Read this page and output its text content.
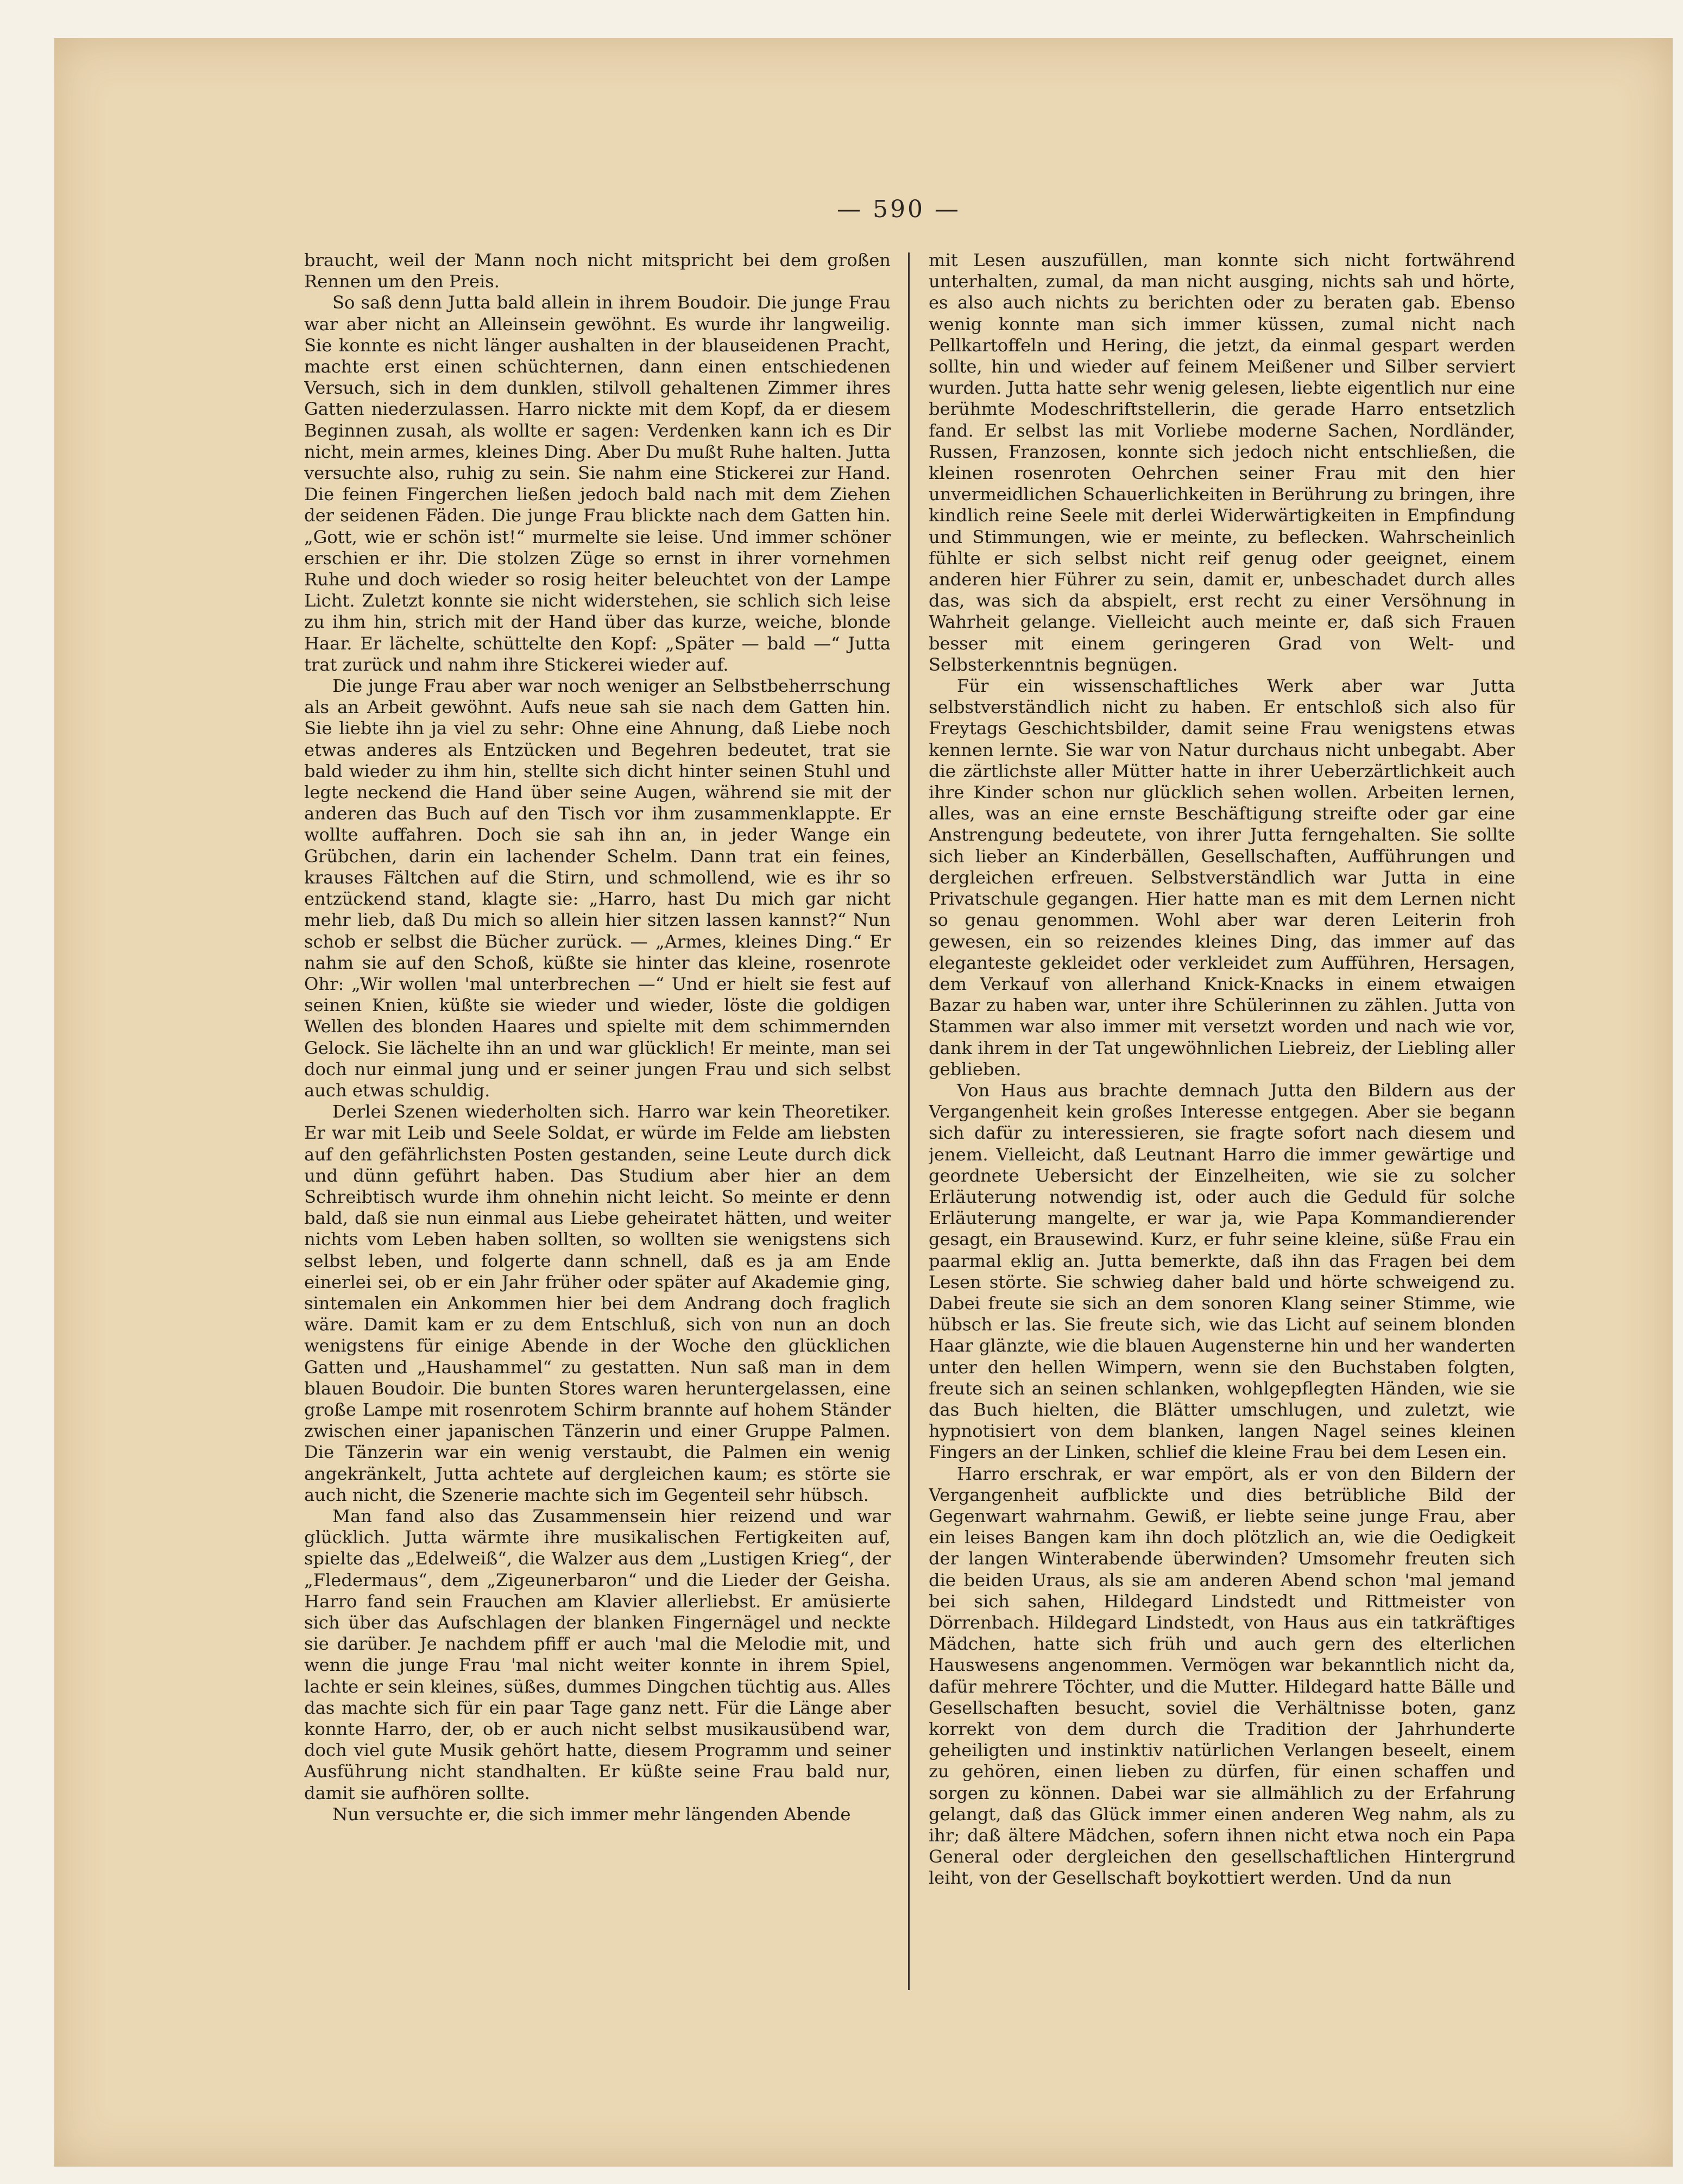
— 590 —

braucht, weil der Mann noch nicht mitspricht bei dem großen Rennen um den Preis.

So saß denn Jutta bald allein in ihrem Boudoir. Die junge Frau war aber nicht an Alleinsein gewöhnt. Es wurde ihr langweilig. Sie konnte es nicht länger aushalten in der blauseidenen Pracht, machte erst einen schüchternen, dann einen entschiedenen Versuch, sich in dem dunklen, stilvoll gehaltenen Zimmer ihres Gatten niederzulassen. Harro nickte mit dem Kopf, da er diesem Beginnen zusah, als wollte er sagen: Verdenken kann ich es Dir nicht, mein armes, kleines Ding. Aber Du mußt Ruhe halten. Jutta versuchte also, ruhig zu sein. Sie nahm eine Stickerei zur Hand. Die feinen Fingerchen ließen jedoch bald nach mit dem Ziehen der seidenen Fäden. Die junge Frau blickte nach dem Gatten hin. „Gott, wie er schön ist!“ murmelte sie leise. Und immer schöner erschien er ihr. Die stolzen Züge so ernst in ihrer vornehmen Ruhe und doch wieder so rosig heiter beleuchtet von der Lampe Licht. Zuletzt konnte sie nicht widerstehen, sie schlich sich leise zu ihm hin, strich mit der Hand über das kurze, weiche, blonde Haar. Er lächelte, schüttelte den Kopf: „Später — bald —“ Jutta trat zurück und nahm ihre Stickerei wieder auf.

Die junge Frau aber war noch weniger an Selbstbeherrschung als an Arbeit gewöhnt. Aufs neue sah sie nach dem Gatten hin. Sie liebte ihn ja viel zu sehr: Ohne eine Ahnung, daß Liebe noch etwas anderes als Entzücken und Begehren bedeutet, trat sie bald wieder zu ihm hin, stellte sich dicht hinter seinen Stuhl und legte neckend die Hand über seine Augen, während sie mit der anderen das Buch auf den Tisch vor ihm zusammenklappte. Er wollte auffahren. Doch sie sah ihn an, in jeder Wange ein Grübchen, darin ein lachender Schelm. Dann trat ein feines, krauses Fältchen auf die Stirn, und schmollend, wie es ihr so entzückend stand, klagte sie: „Harro, hast Du mich gar nicht mehr lieb, daß Du mich so allein hier sitzen lassen kannst?“ Nun schob er selbst die Bücher zurück. — „Armes, kleines Ding.“ Er nahm sie auf den Schoß, küßte sie hinter das kleine, rosenrote Ohr: „Wir wollen 'mal unterbrechen —“ Und er hielt sie fest auf seinen Knien, küßte sie wieder und wieder, löste die goldigen Wellen des blonden Haares und spielte mit dem schimmernden Gelock. Sie lächelte ihn an und war glücklich! Er meinte, man sei doch nur einmal jung und er seiner jungen Frau und sich selbst auch etwas schuldig.

Derlei Szenen wiederholten sich. Harro war kein Theoretiker. Er war mit Leib und Seele Soldat, er würde im Felde am liebsten auf den gefährlichsten Posten gestanden, seine Leute durch dick und dünn geführt haben. Das Studium aber hier an dem Schreibtisch wurde ihm ohnehin nicht leicht. So meinte er denn bald, daß sie nun einmal aus Liebe geheiratet hätten, und weiter nichts vom Leben haben sollten, so wollten sie wenigstens sich selbst leben, und folgerte dann schnell, daß es ja am Ende einerlei sei, ob er ein Jahr früher oder später auf Akademie ging, sintemalen ein Ankommen hier bei dem Andrang doch fraglich wäre. Damit kam er zu dem Entschluß, sich von nun an doch wenigstens für einige Abende in der Woche den glücklichen Gatten und „Haushammel“ zu gestatten. Nun saß man in dem blauen Boudoir. Die bunten Stores waren heruntergelassen, eine große Lampe mit rosenrotem Schirm brannte auf hohem Ständer zwischen einer japanischen Tänzerin und einer Gruppe Palmen. Die Tänzerin war ein wenig verstaubt, die Palmen ein wenig angekränkelt, Jutta achtete auf dergleichen kaum; es störte sie auch nicht, die Szenerie machte sich im Gegenteil sehr hübsch.

Man fand also das Zusammensein hier reizend und war glücklich. Jutta wärmte ihre musikalischen Fertigkeiten auf, spielte das „Edelweiß“, die Walzer aus dem „Lustigen Krieg“, der „Fledermaus“, dem „Zigeunerbaron“ und die Lieder der Geisha. Harro fand sein Frauchen am Klavier allerliebst. Er amüsierte sich über das Aufschlagen der blanken Fingernägel und neckte sie darüber. Je nachdem pfiff er auch 'mal die Melodie mit, und wenn die junge Frau 'mal nicht weiter konnte in ihrem Spiel, lachte er sein kleines, süßes, dummes Dingchen tüchtig aus. Alles das machte sich für ein paar Tage ganz nett. Für die Länge aber konnte Harro, der, ob er auch nicht selbst musikausübend war, doch viel gute Musik gehört hatte, diesem Programm und seiner Ausführung nicht standhalten. Er küßte seine Frau bald nur, damit sie aufhören sollte.

Nun versuchte er, die sich immer mehr längenden Abende

mit Lesen auszufüllen, man konnte sich nicht fortwährend unterhalten, zumal, da man nicht ausging, nichts sah und hörte, es also auch nichts zu berichten oder zu beraten gab. Ebenso wenig konnte man sich immer küssen, zumal nicht nach Pellkartoffeln und Hering, die jetzt, da einmal gespart werden sollte, hin und wieder auf feinem Meißener und Silber serviert wurden. Jutta hatte sehr wenig gelesen, liebte eigentlich nur eine berühmte Modeschriftstellerin, die gerade Harro entsetzlich fand. Er selbst las mit Vorliebe moderne Sachen, Nordländer, Russen, Franzosen, konnte sich jedoch nicht entschließen, die kleinen rosenroten Oehrchen seiner Frau mit den hier unvermeidlichen Schauerlichkeiten in Berührung zu bringen, ihre kindlich reine Seele mit derlei Widerwärtigkeiten in Empfindung und Stimmungen, wie er meinte, zu beflecken. Wahrscheinlich fühlte er sich selbst nicht reif genug oder geeignet, einem anderen hier Führer zu sein, damit er, unbeschadet durch alles das, was sich da abspielt, erst recht zu einer Versöhnung in Wahrheit gelange. Vielleicht auch meinte er, daß sich Frauen besser mit einem geringeren Grad von Welt- und Selbsterkenntnis begnügen.

Für ein wissenschaftliches Werk aber war Jutta selbstverständlich nicht zu haben. Er entschloß sich also für Freytags Geschichtsbilder, damit seine Frau wenigstens etwas kennen lernte. Sie war von Natur durchaus nicht unbegabt. Aber die zärtlichste aller Mütter hatte in ihrer Ueberzärtlichkeit auch ihre Kinder schon nur glücklich sehen wollen. Arbeiten lernen, alles, was an eine ernste Beschäftigung streifte oder gar eine Anstrengung bedeutete, von ihrer Jutta ferngehalten. Sie sollte sich lieber an Kinderbällen, Gesellschaften, Aufführungen und dergleichen erfreuen. Selbstverständlich war Jutta in eine Privatschule gegangen. Hier hatte man es mit dem Lernen nicht so genau genommen. Wohl aber war deren Leiterin froh gewesen, ein so reizendes kleines Ding, das immer auf das eleganteste gekleidet oder verkleidet zum Aufführen, Hersagen, dem Verkauf von allerhand Knick-Knacks in einem etwaigen Bazar zu haben war, unter ihre Schülerinnen zu zählen. Jutta von Stammen war also immer mit versetzt worden und nach wie vor, dank ihrem in der Tat ungewöhnlichen Liebreiz, der Liebling aller geblieben.

Von Haus aus brachte demnach Jutta den Bildern aus der Vergangenheit kein großes Interesse entgegen. Aber sie begann sich dafür zu interessieren, sie fragte sofort nach diesem und jenem. Vielleicht, daß Leutnant Harro die immer gewärtige und geordnete Uebersicht der Einzelheiten, wie sie zu solcher Erläuterung notwendig ist, oder auch die Geduld für solche Erläuterung mangelte, er war ja, wie Papa Kommandierender gesagt, ein Brausewind. Kurz, er fuhr seine kleine, süße Frau ein paarmal eklig an. Jutta bemerkte, daß ihn das Fragen bei dem Lesen störte. Sie schwieg daher bald und hörte schweigend zu. Dabei freute sie sich an dem sonoren Klang seiner Stimme, wie hübsch er las. Sie freute sich, wie das Licht auf seinem blonden Haar glänzte, wie die blauen Augensterne hin und her wanderten unter den hellen Wimpern, wenn sie den Buchstaben folgten, freute sich an seinen schlanken, wohlgepflegten Händen, wie sie das Buch hielten, die Blätter umschlugen, und zuletzt, wie hypnotisiert von dem blanken, langen Nagel seines kleinen Fingers an der Linken, schlief die kleine Frau bei dem Lesen ein.

Harro erschrak, er war empört, als er von den Bildern der Vergangenheit aufblickte und dies betrübliche Bild der Gegenwart wahrnahm. Gewiß, er liebte seine junge Frau, aber ein leises Bangen kam ihn doch plötzlich an, wie die Oedigkeit der langen Winterabende überwinden? Umsomehr freuten sich die beiden Uraus, als sie am anderen Abend schon 'mal jemand bei sich sahen, Hildegard Lindstedt und Rittmeister von Dörrenbach. Hildegard Lindstedt, von Haus aus ein tatkräftiges Mädchen, hatte sich früh und auch gern des elterlichen Hauswesens angenommen. Vermögen war bekanntlich nicht da, dafür mehrere Töchter, und die Mutter. Hildegard hatte Bälle und Gesellschaften besucht, soviel die Verhältnisse boten, ganz korrekt von dem durch die Tradition der Jahrhunderte geheiligten und instinktiv natürlichen Verlangen beseelt, einem zu gehören, einen lieben zu dürfen, für einen schaffen und sorgen zu können. Dabei war sie allmählich zu der Erfahrung gelangt, daß das Glück immer einen anderen Weg nahm, als zu ihr; daß ältere Mädchen, sofern ihnen nicht etwa noch ein Papa General oder dergleichen den gesellschaftlichen Hintergrund leiht, von der Gesellschaft boykottiert werden. Und da nun
